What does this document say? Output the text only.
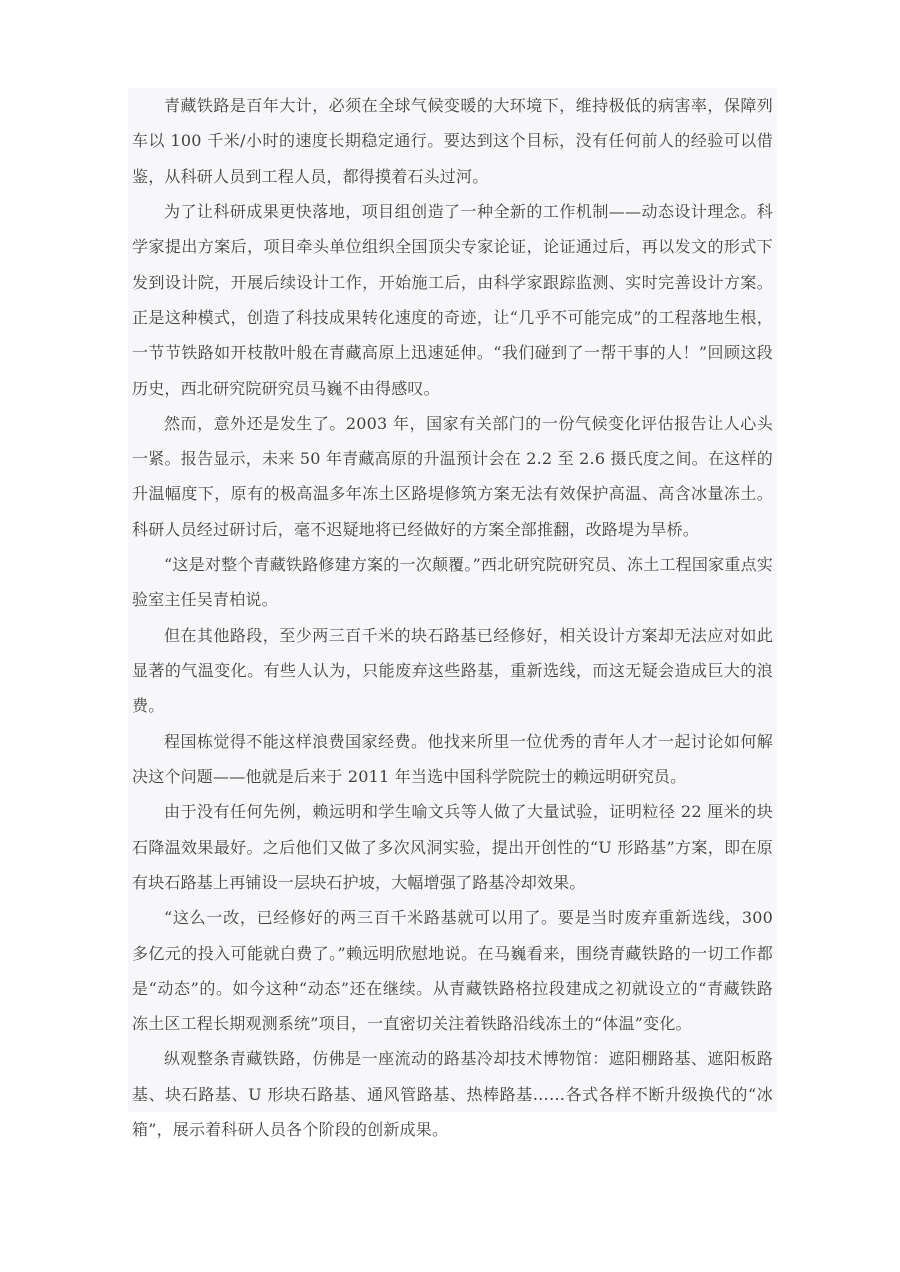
青藏铁路是百年大计，必须在全球气候变暖的大环境下，维持极低的病害率，保障列车以 100 千米/小时的速度长期稳定通行。要达到这个目标，没有任何前人的经验可以借鉴，从科研人员到工程人员，都得摸着石头过河。

为了让科研成果更快落地，项目组创造了一种全新的工作机制——动态设计理念。科学家提出方案后，项目牵头单位组织全国顶尖专家论证，论证通过后，再以发文的形式下发到设计院，开展后续设计工作，开始施工后，由科学家跟踪监测、实时完善设计方案。正是这种模式，创造了科技成果转化速度的奇迹，让“几乎不可能完成”的工程落地生根，一节节铁路如开枝散叶般在青藏高原上迅速延伸。“我们碰到了一帮干事的人！”回顾这段历史，西北研究院研究员马巍不由得感叹。

然而，意外还是发生了。2003 年，国家有关部门的一份气候变化评估报告让人心头一紧。报告显示，未来 50 年青藏高原的升温预计会在 2.2 至 2.6 摄氏度之间。在这样的升温幅度下，原有的极高温多年冻土区路堤修筑方案无法有效保护高温、高含冰量冻土。科研人员经过研讨后，毫不迟疑地将已经做好的方案全部推翻，改路堤为旱桥。

“这是对整个青藏铁路修建方案的一次颠覆。”西北研究院研究员、冻土工程国家重点实验室主任吴青柏说。

但在其他路段，至少两三百千米的块石路基已经修好，相关设计方案却无法应对如此显著的气温变化。有些人认为，只能废弃这些路基，重新选线，而这无疑会造成巨大的浪费。

程国栋觉得不能这样浪费国家经费。他找来所里一位优秀的青年人才一起讨论如何解决这个问题——他就是后来于 2011 年当选中国科学院院士的赖远明研究员。

由于没有任何先例，赖远明和学生喻文兵等人做了大量试验，证明粒径 22 厘米的块石降温效果最好。之后他们又做了多次风洞实验，提出开创性的“U 形路基”方案，即在原有块石路基上再铺设一层块石护坡，大幅增强了路基冷却效果。

“这么一改，已经修好的两三百千米路基就可以用了。要是当时废弃重新选线，300 多亿元的投入可能就白费了。”赖远明欣慰地说。在马巍看来，围绕青藏铁路的一切工作都是“动态”的。如今这种“动态”还在继续。从青藏铁路格拉段建成之初就设立的“青藏铁路冻土区工程长期观测系统”项目，一直密切关注着铁路沿线冻土的“体温”变化。

纵观整条青藏铁路，仿佛是一座流动的路基冷却技术博物馆：遮阳棚路基、遮阳板路基、块石路基、U 形块石路基、通风管路基、热棒路基……各式各样不断升级换代的“冰箱”，展示着科研人员各个阶段的创新成果。
